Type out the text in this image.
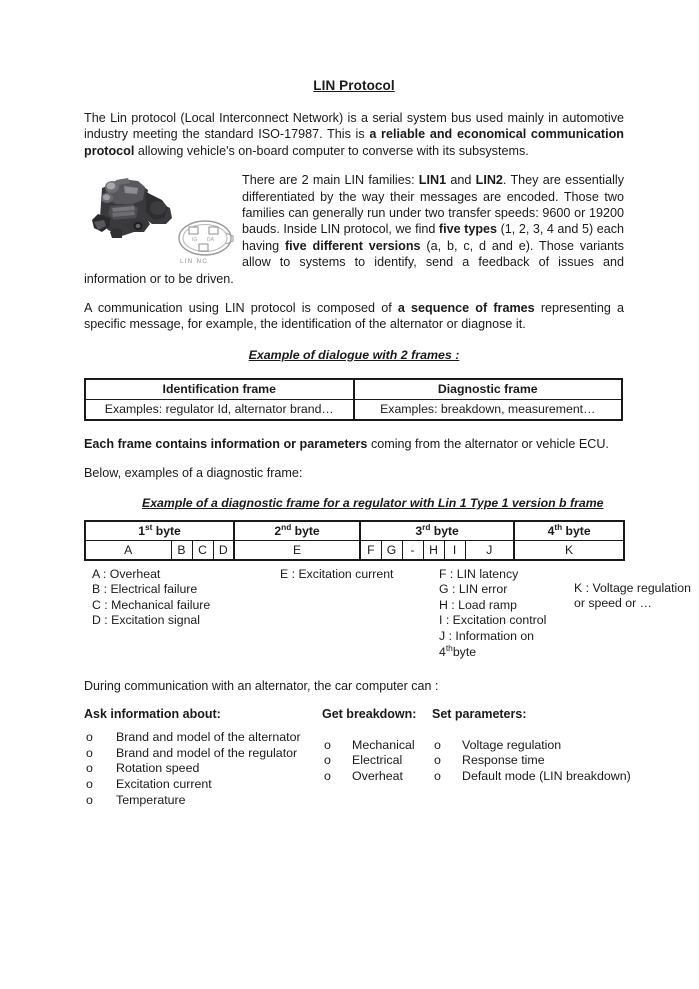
LIN Protocol

The Lin protocol (Local Interconnect Network) is a serial system bus used mainly in automotive industry meeting the standard ISO-17987. This is a reliable and economical communication protocol allowing vehicle's on-board computer to converse with its subsystems.

IG DA
LIN NC
There are 2 main LIN families: LIN1 and LIN2. They are essentially differentiated by the way their messages are encoded. Those two families can generally run under two transfer speeds: 9600 or 19200 bauds. Inside LIN protocol, we find five types (1, 2, 3, 4 and 5) each having five different versions (a, b, c, d and e). Those variants allow to systems to identify, send a feedback of issues and information or to be driven.

A communication using LIN protocol is composed of a sequence of frames representing a specific message, for example, the identification of the alternator or diagnose it.

Example of dialogue with 2 frames :
Identification frame	Diagnostic frame
Examples: regulator Id, alternator brand…	Examples: breakdown, measurement…

Each frame contains information or parameters coming from the alternator or vehicle ECU.

Below, examples of a diagnostic frame:

Example of a diagnostic frame for a regulator with Lin 1 Type 1 version b frame
1st byte				2nd byte	3rd byte						4th byte
A	B	C	D	E	F	G	-	H	I	J	K
A : Overheat
B : Electrical failure
C : Mechanical failure
D : Excitation signal
E : Excitation current	F : LIN latency
G : LIN error
H : Load ramp
I : Excitation control
J : Information on
4thbyte
K : Voltage regulation
or speed or …

During communication with an alternator, the car computer can :

Ask information about:
o Brand and model of the alternator
o Brand and model of the regulator
o Rotation speed
o Excitation current
o Temperature
Get breakdown:
o Mechanical
o Electrical
o Overheat
Set parameters:
o Voltage regulation
o Response time
o Default mode (LIN breakdown)
